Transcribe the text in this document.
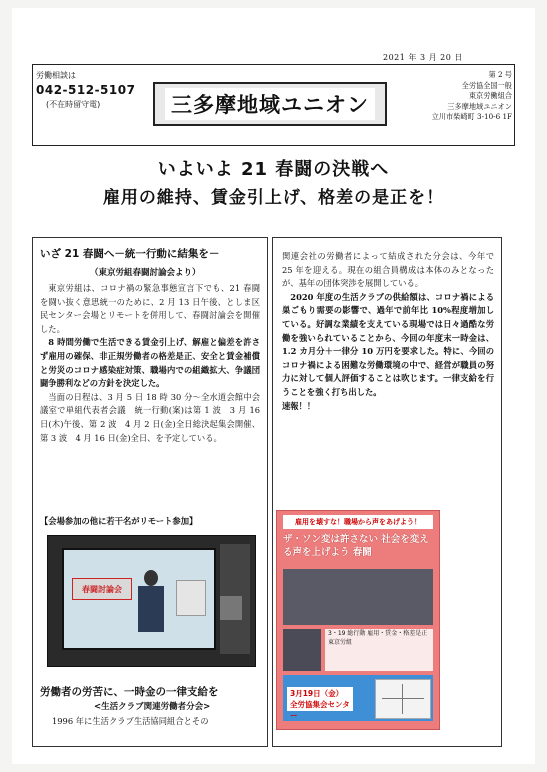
2021 年 3 月 20 日
労働相談は
042-512-5107
(不在時留守電)	三多摩地域ユニオン
第 2 号
全労協全国一般
東京労働組合
三多摩地域ユニオン
立川市柴崎町 3-10-6 1F
いよいよ 21 春闘の決戦へ
雇用の維持、賃金引上げ、格差の是正を！
いざ 21 春闘へ－統一行動に結集を－
（東京労組春闘討論会より）
東京労組は、コロナ禍の緊急事態宣言下でも、21 春闘を闘い抜く意思統一のために、2 月 13 日午後、としま区民センター会場とリモートを併用して、春闘討論会を開催した。
8 時間労働で生活できる賃金引上げ、解雇と偏差を許さず雇用の確保、非正規労働者の格差是正、安全と賃金補償と労災のコロナ感染症対策、職場内での組織拡大、争議団闘争勝利などの方針を決定した。
当面の日程は、3 月 5 日 18 時 30 分～全水道会館中会議室で単組代表者会議　統一行動(案)は第 1 波　3 月 16 日(木)午後、第 2 波　4 月 2 日(金)全日総決起集会開催、第 3 波　4 月 16 日(金)全日、を予定している。
【会場参加の他に若干名がリモート参加】
春闘討論会
労働者の労苦に、一時金の一律支給を
<生活クラブ関連労働者分会>
1996 年に生活クラブ生活協同組合とその
関連会社の労働者によって結成された分会は、今年で 25 年を迎える。現在の組合員構成は本体のみとなったが、基年の団体突渉を展開している。
2020 年度の生活クラブの供給額は、コロナ禍による巣ごもり需要の影響で、過年で前年比 10%程度増加している。好調な業績を支えている現場では日々過酷な労働を強いられていることから、今回の年度末一時金は、1.2 カ月分＋一律分 10 万円を要求した。特に、今回のコロナ禍による困難な労働環境の中で、経営が職員の努力に対して個人評価することは吹じます。一律支給を行うことを強く打ち出した。
速報！！
雇用を壊すな！職場から声をあげよう！
ザ・ソン変は許さない 社会を変える声を上げよう 春闘
3・19 総行動 雇用・賃金・格差是正 東京労組
3月19日（金） 全労協集会センター
